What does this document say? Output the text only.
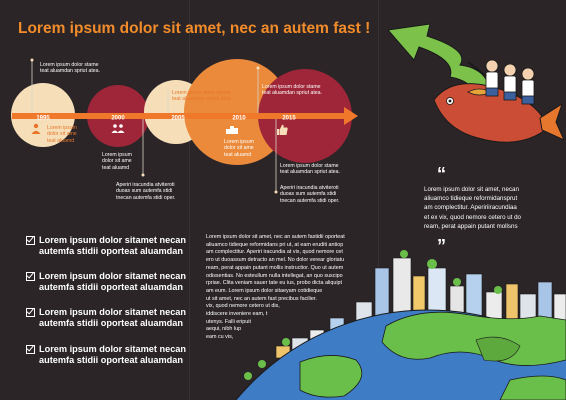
Lorem ipsum dolor sit amet, nec an autem fast !
1995	2000	2005	2010	2015
Lorem ipsum dolor stame
teat aluamdan spriut atea.
Lorem ipsum
dolor sit ame
teat aluamd
Lorem ipsum
dolor sit ame
teat aluamd
Lorem ipsum dolor stame
teat aluamdan spriut atea.
Aperiri iracundia atviteroti
duoas sum autemfa stidi
tnecan autemfa stidi oper.
Lorem ipsum
dolor sit ame
teat aluamd
Lorem ipsum dolor stame
teat aluamdan spriut atea.
Lorem ipsum dolor stame
teat aluamdan spriut atea.
Aperiri iracundia atviteroti
duoas sum autemfa stidi
tnecan autemfa stidi oper.
Lorem ipsum dolor sitamet necan
autemfa stidii oporteat aluamdan
Lorem ipsum dolor sitamet necan
autemfa stidii oporteat aluamdan
Lorem ipsum dolor sitamet necan
autemfa stidii oporteat aluamdan
Lorem ipsum dolor sitamet necan
autemfa stidii oporteat aluamdan
Lorem ipsum dolor sit amet, nec an autem fastidii oporteat
aliuamco tidieque reformidans pri ut, at eam eruditi antiop
am complectitur. Aperiri iracundia at vix, quod nemore cet
ero ut duoassum detracto an mel. No dolor verear gloriatu
ream, perat appain putant mollis instructior. Quo ut autem
odissentias. No esteullum nulla intellegat, an quo suscipo
rpriae. Clita veniam sauer tate eu ius, probo dicta aliquipt
am eum. Lorem ipsum dolor sitaeyam cotidieque
ut sit amet, nec an autem fast precibus facilier.
vix, quod nemore cetero ut dis,
iddiscere inveniere eam, t
utenys. Falli eripuit
aequi, nibh lup
eam cu vis,
“
Lorem ipsum dolor sit amet, necan
aliuamco tidieque reformidansprut
am complectitur. Apeririiracundiaa
et ex vix, quod nemore cetero ut do
ream, perat appain putant mollsns
”
